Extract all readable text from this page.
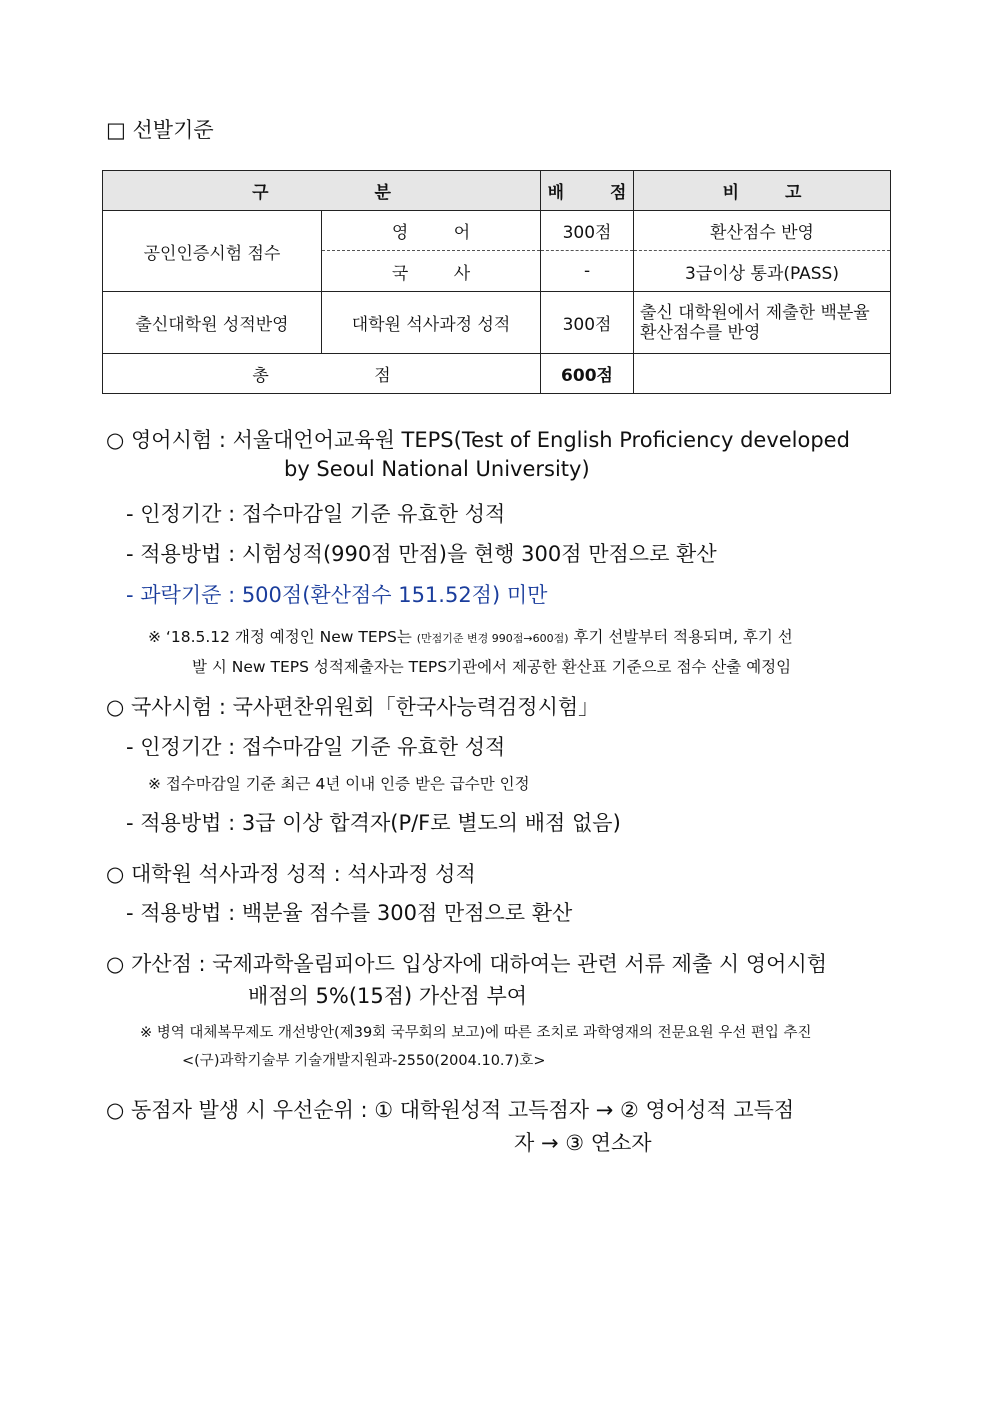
□ 선발기준
구 분		배 점	비 고
공인인증시험 점수	영 어	300점	환산점수 반영
	국 사	-	3급이상 통과(PASS)
출신대학원 성적반영	대학원 석사과정 성적	300점	출신 대학원에서 제출한 백분율 환산점수를 반영
총 점		600점	
○ 영어시험 : 서울대언어교육원 TEPS(Test of English Proficiency developed
by Seoul National University)
- 인정기간 : 접수마감일 기준 유효한 성적
- 적용방법 : 시험성적(990점 만점)을 현행 300점 만점으로 환산
- 과락기준 : 500점(환산점수 151.52점) 미만
※ ‘18.5.12 개정 예정인 New TEPS는 (만점기준 변경 990점→600점) 후기 선발부터 적용되며, 후기 선
발 시 New TEPS 성적제출자는 TEPS기관에서 제공한 환산표 기준으로 점수 산출 예정임
○ 국사시험 : 국사편찬위원회「한국사능력검정시험」
- 인정기간 : 접수마감일 기준 유효한 성적
※ 접수마감일 기준 최근 4년 이내 인증 받은 급수만 인정
- 적용방법 : 3급 이상 합격자(P/F로 별도의 배점 없음)
○ 대학원 석사과정 성적 : 석사과정 성적
- 적용방법 : 백분율 점수를 300점 만점으로 환산
○ 가산점 : 국제과학올림피아드 입상자에 대하여는 관련 서류 제출 시 영어시험
배점의 5%(15점) 가산점 부여
※ 병역 대체복무제도 개선방안(제39회 국무회의 보고)에 따른 조치로 과학영재의 전문요원 우선 편입 추진
<(구)과학기술부 기술개발지원과-2550(2004.10.7)호>
○ 동점자 발생 시 우선순위 : ① 대학원성적 고득점자 → ② 영어성적 고득점
자 → ③ 연소자
